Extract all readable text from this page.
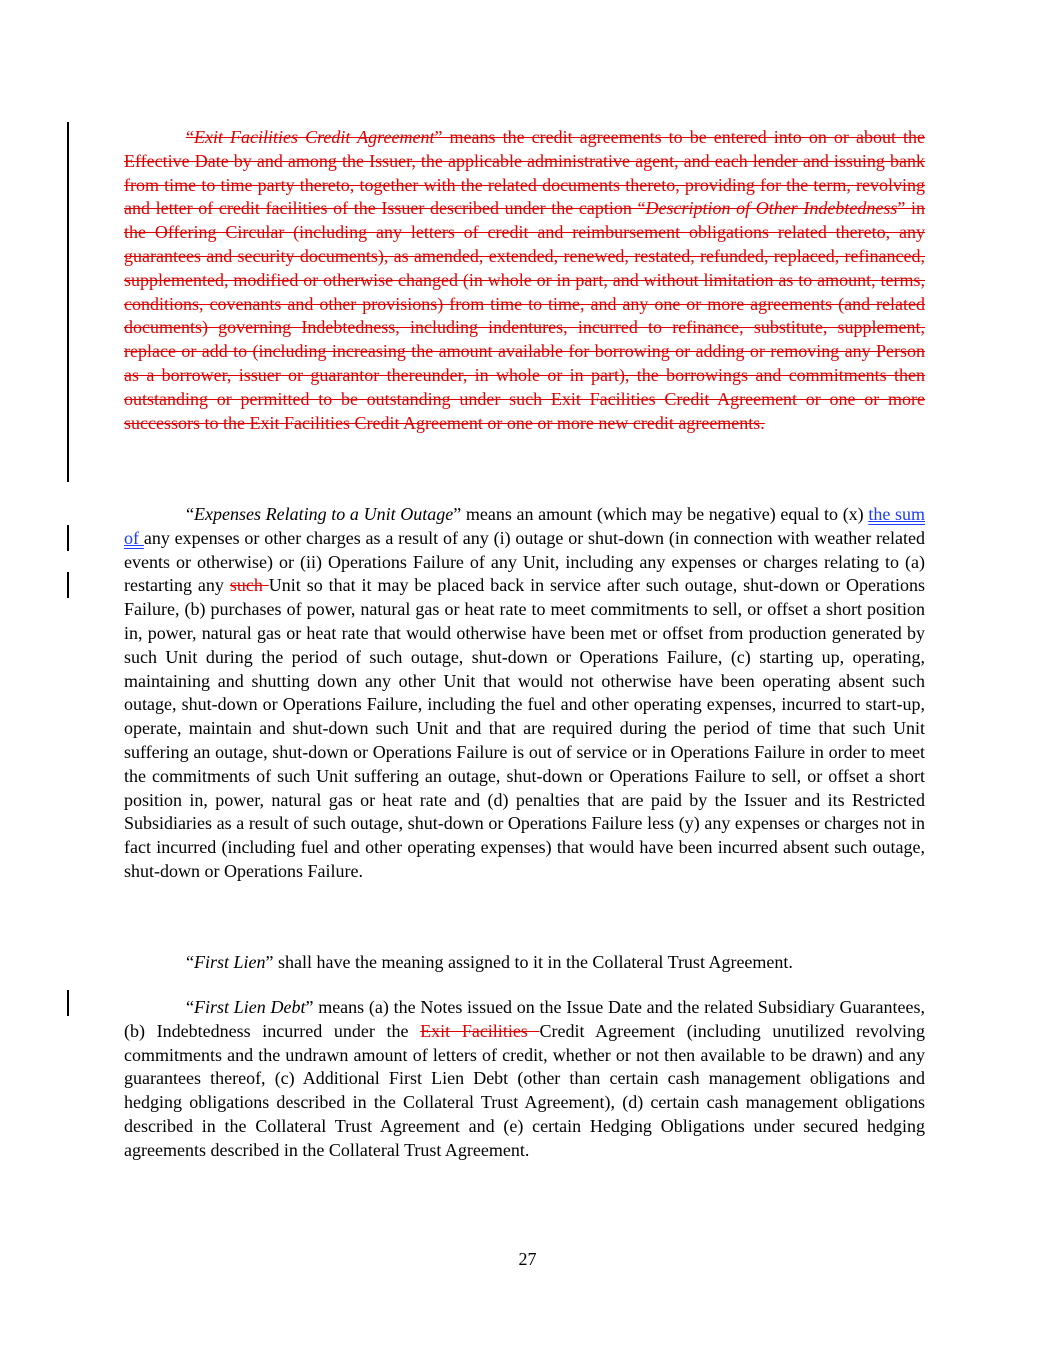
“Exit Facilities Credit Agreement” means the credit agreements to be entered into on or about the Effective Date by and among the Issuer, the applicable administrative agent, and each lender and issuing bank from time to time party thereto, together with the related documents thereto, providing for the term, revolving and letter of credit facilities of the Issuer described under the caption “Description of Other Indebtedness” in the Offering Circular (including any letters of credit and reimbursement obligations related thereto, any guarantees and security documents), as amended, extended, renewed, restated, refunded, replaced, refinanced, supplemented, modified or otherwise changed (in whole or in part, and without limitation as to amount, terms, conditions, covenants and other provisions) from time to time, and any one or more agreements (and related documents) governing Indebtedness, including indentures, incurred to refinance, substitute, supplement, replace or add to (including increasing the amount available for borrowing or adding or removing any Person as a borrower, issuer or guarantor thereunder, in whole or in part), the borrowings and commitments then outstanding or permitted to be outstanding under such Exit Facilities Credit Agreement or one or more successors to the Exit Facilities Credit Agreement or one or more new credit agreements.

“Expenses Relating to a Unit Outage” means an amount (which may be negative) equal to (x) the sum of any expenses or other charges as a result of any (i) outage or shut-down (in connection with weather related events or otherwise) or (ii) Operations Failure of any Unit, including any expenses or charges relating to (a) restarting any such Unit so that it may be placed back in service after such outage, shut-down or Operations Failure, (b) purchases of power, natural gas or heat rate to meet commitments to sell, or offset a short position in, power, natural gas or heat rate that would otherwise have been met or offset from production generated by such Unit during the period of such outage, shut-down or Operations Failure, (c) starting up, operating, maintaining and shutting down any other Unit that would not otherwise have been operating absent such outage, shut-down or Operations Failure, including the fuel and other operating expenses, incurred to start-up, operate, maintain and shut-down such Unit and that are required during the period of time that such Unit suffering an outage, shut-down or Operations Failure is out of service or in Operations Failure in order to meet the commitments of such Unit suffering an outage, shut-down or Operations Failure to sell, or offset a short position in, power, natural gas or heat rate and (d) penalties that are paid by the Issuer and its Restricted Subsidiaries as a result of such outage, shut-down or Operations Failure less (y) any expenses or charges not in fact incurred (including fuel and other operating expenses) that would have been incurred absent such outage, shut-down or Operations Failure.

“First Lien” shall have the meaning assigned to it in the Collateral Trust Agreement.

“First Lien Debt” means (a) the Notes issued on the Issue Date and the related Subsidiary Guarantees, (b) Indebtedness incurred under the Exit Facilities Credit Agreement (including unutilized revolving commitments and the undrawn amount of letters of credit, whether or not then available to be drawn) and any guarantees thereof, (c) Additional First Lien Debt (other than certain cash management obligations and hedging obligations described in the Collateral Trust Agreement), (d) certain cash management obligations described in the Collateral Trust Agreement and (e) certain Hedging Obligations under secured hedging agreements described in the Collateral Trust Agreement.

27
